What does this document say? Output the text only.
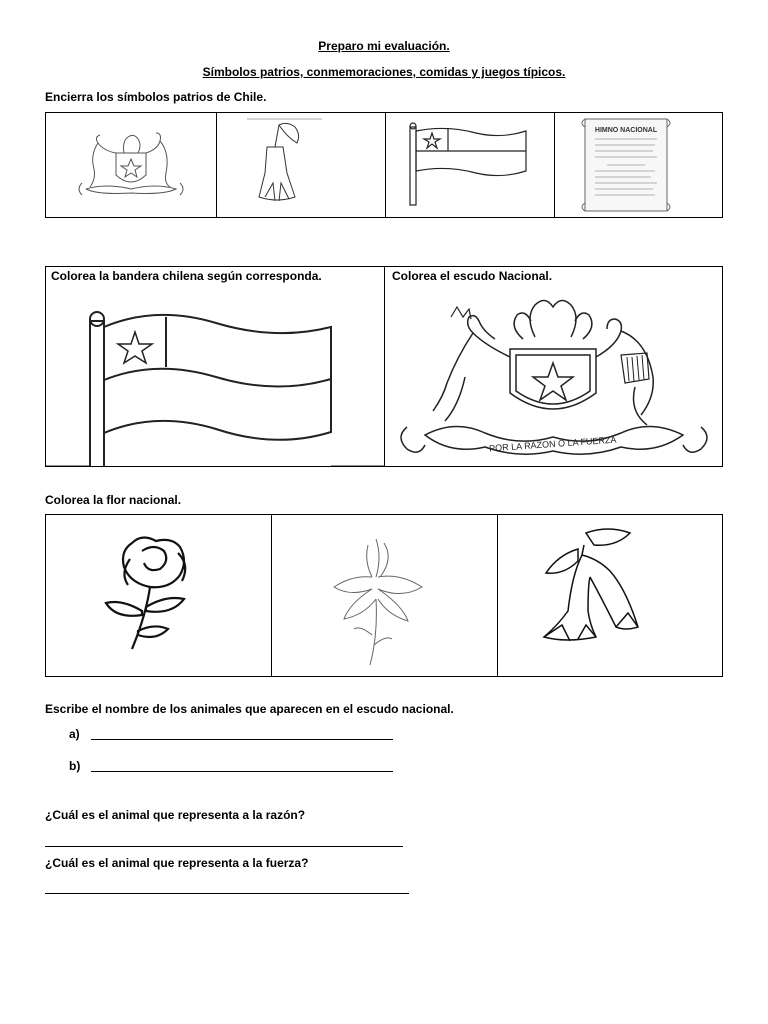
Preparo mi evaluación.
Símbolos patrios, conmemoraciones, comidas y juegos típicos.
Encierra los símbolos patrios de Chile.
HIMNO NACIONAL
Colorea la bandera chilena según corresponda.	Colorea el escudo Nacional.
POR LA RAZON O LA FUERZA
Colorea la flor nacional.
Escribe el nombre de los animales que aparecen en el escudo nacional.
a)
b)
¿Cuál es el animal que representa a la razón?
¿Cuál es el animal que representa a la fuerza?
